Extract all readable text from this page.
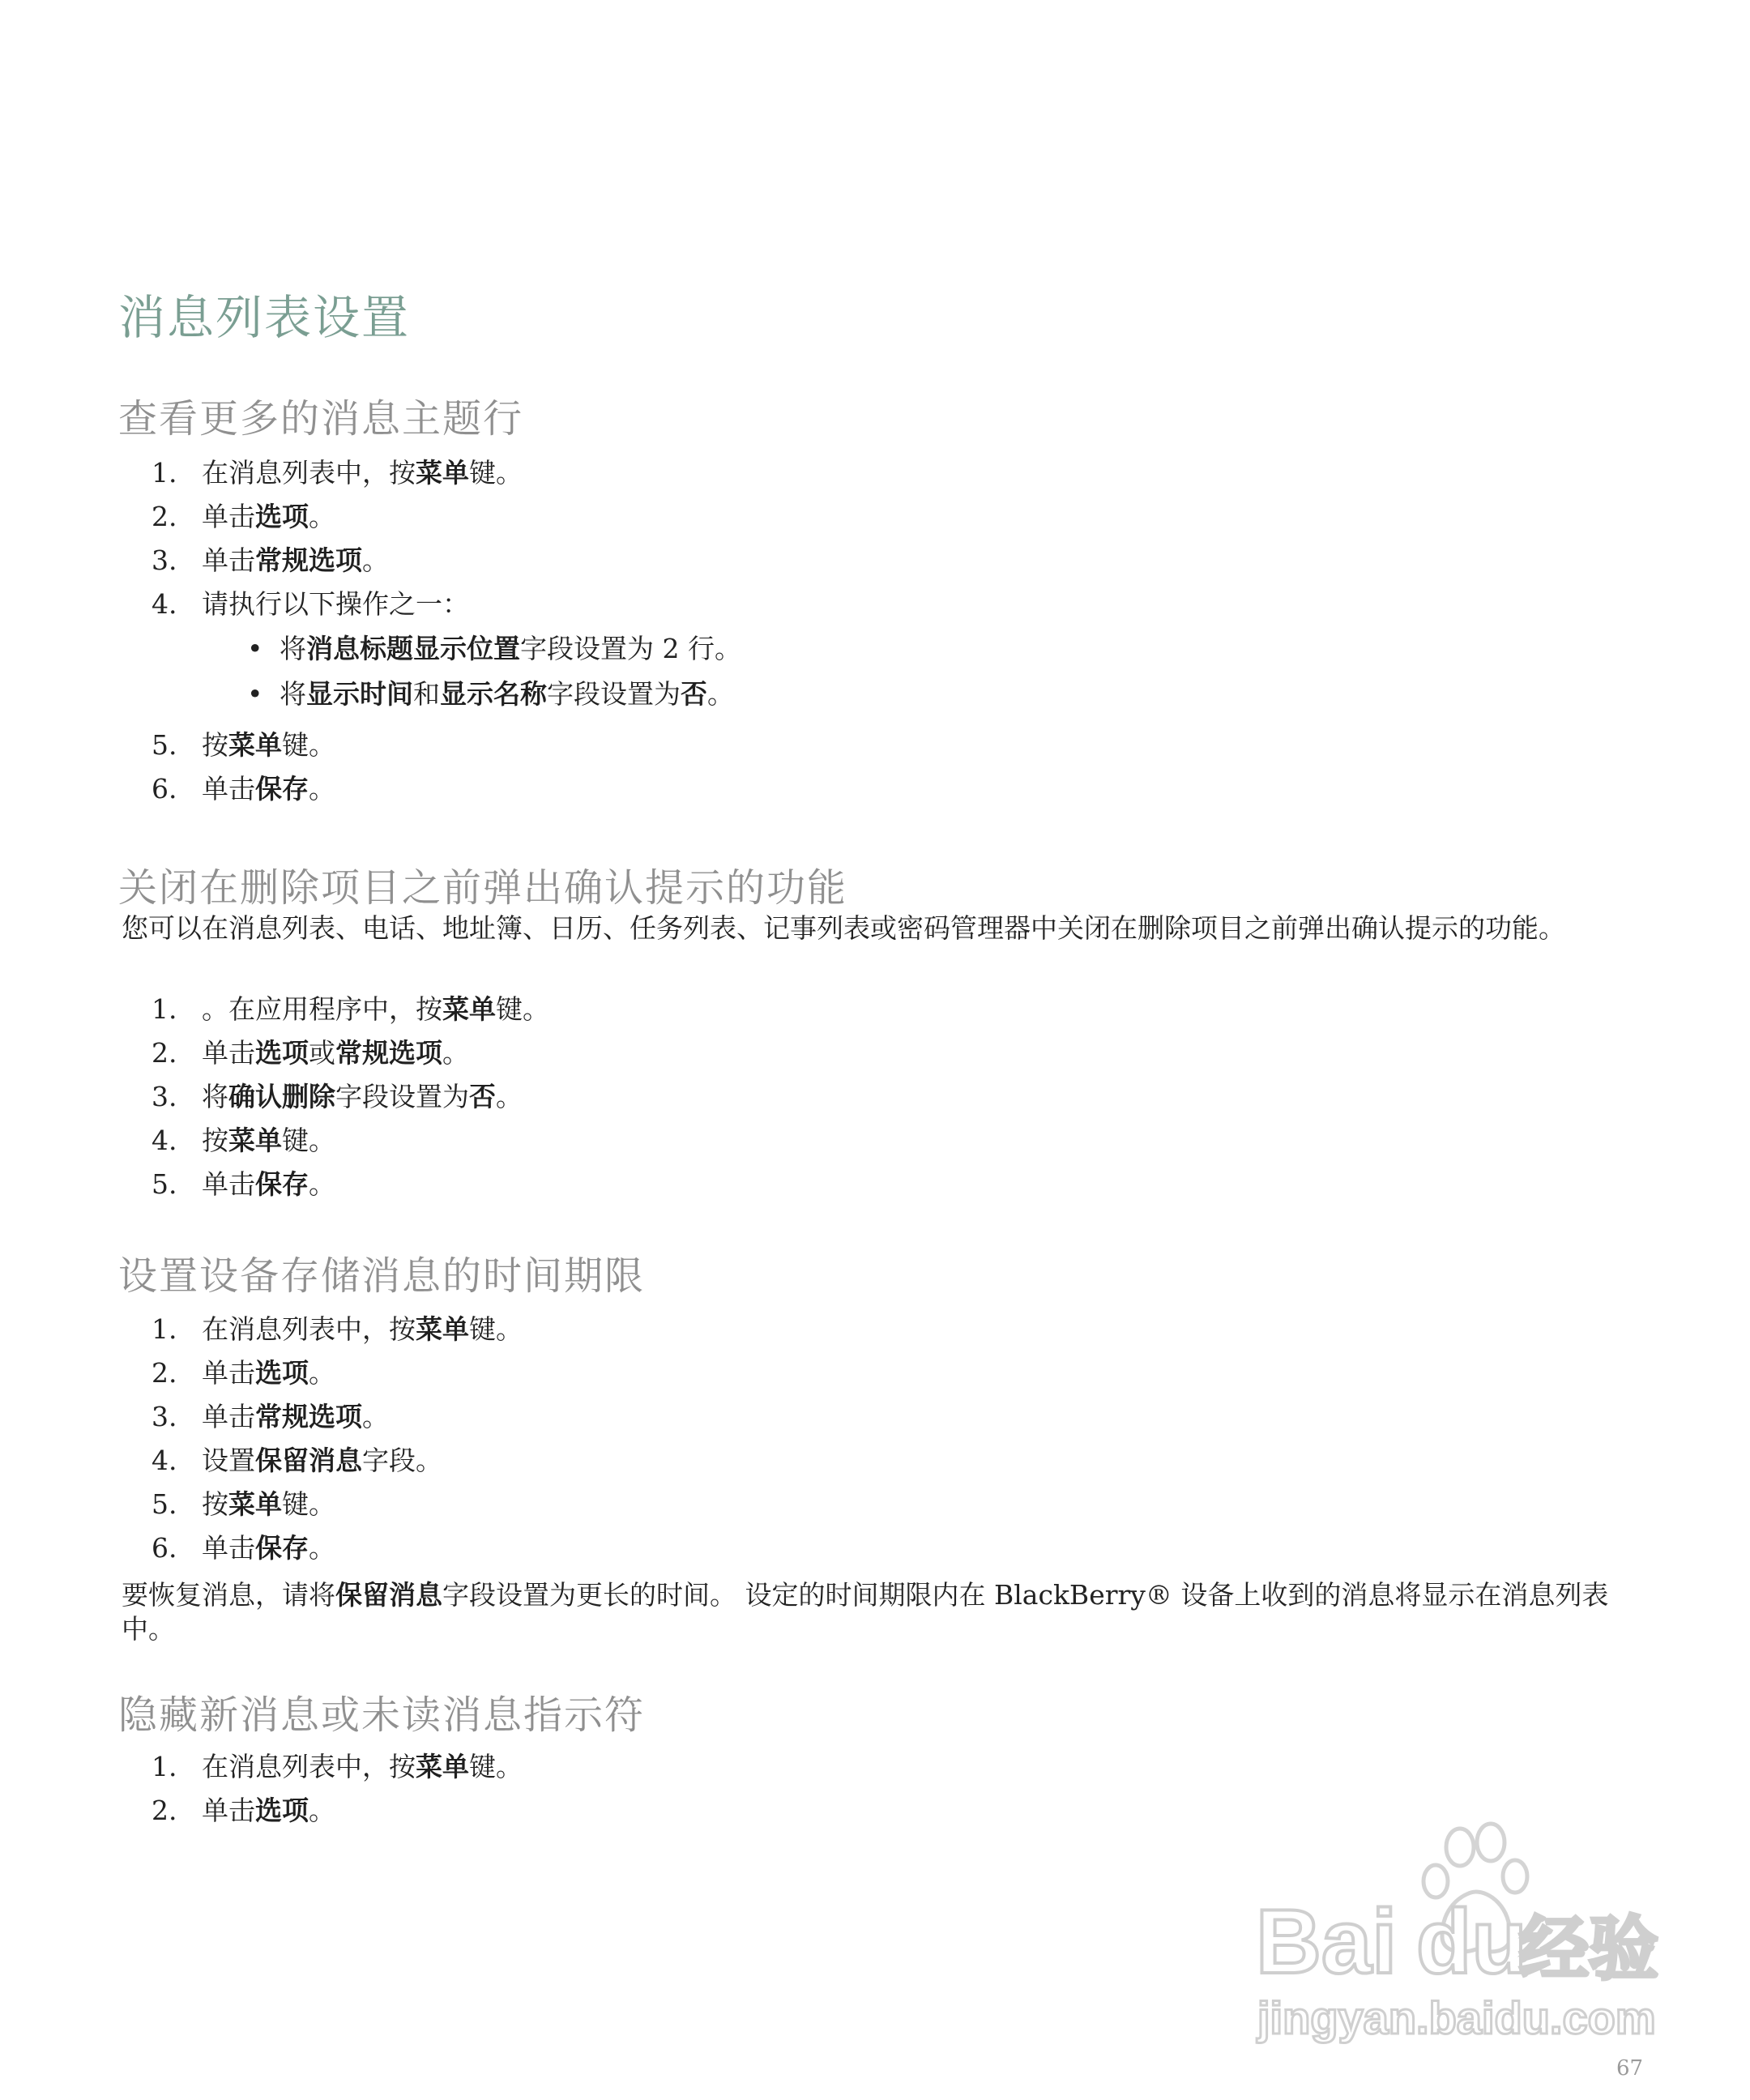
消息列表设置
查看更多的消息主题行
1. 在消息列表中，按菜单键。
2. 单击选项。
3. 单击常规选项。
4. 请执行以下操作之一：
• 将消息标题显示位置字段设置为 2 行。
• 将显示时间和显示名称字段设置为否。
5. 按菜单键。
6. 单击保存。
关闭在删除项目之前弹出确认提示的功能

您可以在消息列表、电话、地址簿、日历、任务列表、记事列表或密码管理器中关闭在删除项目之前弹出确认提示的功能。

1. 。在应用程序中，按菜单键。
2. 单击选项或常规选项。
3. 将确认删除字段设置为否。
4. 按菜单键。
5. 单击保存。
设置设备存储消息的时间期限
1. 在消息列表中，按菜单键。
2. 单击选项。
3. 单击常规选项。
4. 设置保留消息字段。
5. 按菜单键。
6. 单击保存。

要恢复消息，请将保留消息字段设置为更长的时间。 设定的时间期限内在 BlackBerry® 设备上收到的消息将显示在消息列表中。

隐藏新消息或未读消息指示符
1. 在消息列表中，按菜单键。
2. 单击选项。
Bai du
经验
jingyan.baidu.com
67
